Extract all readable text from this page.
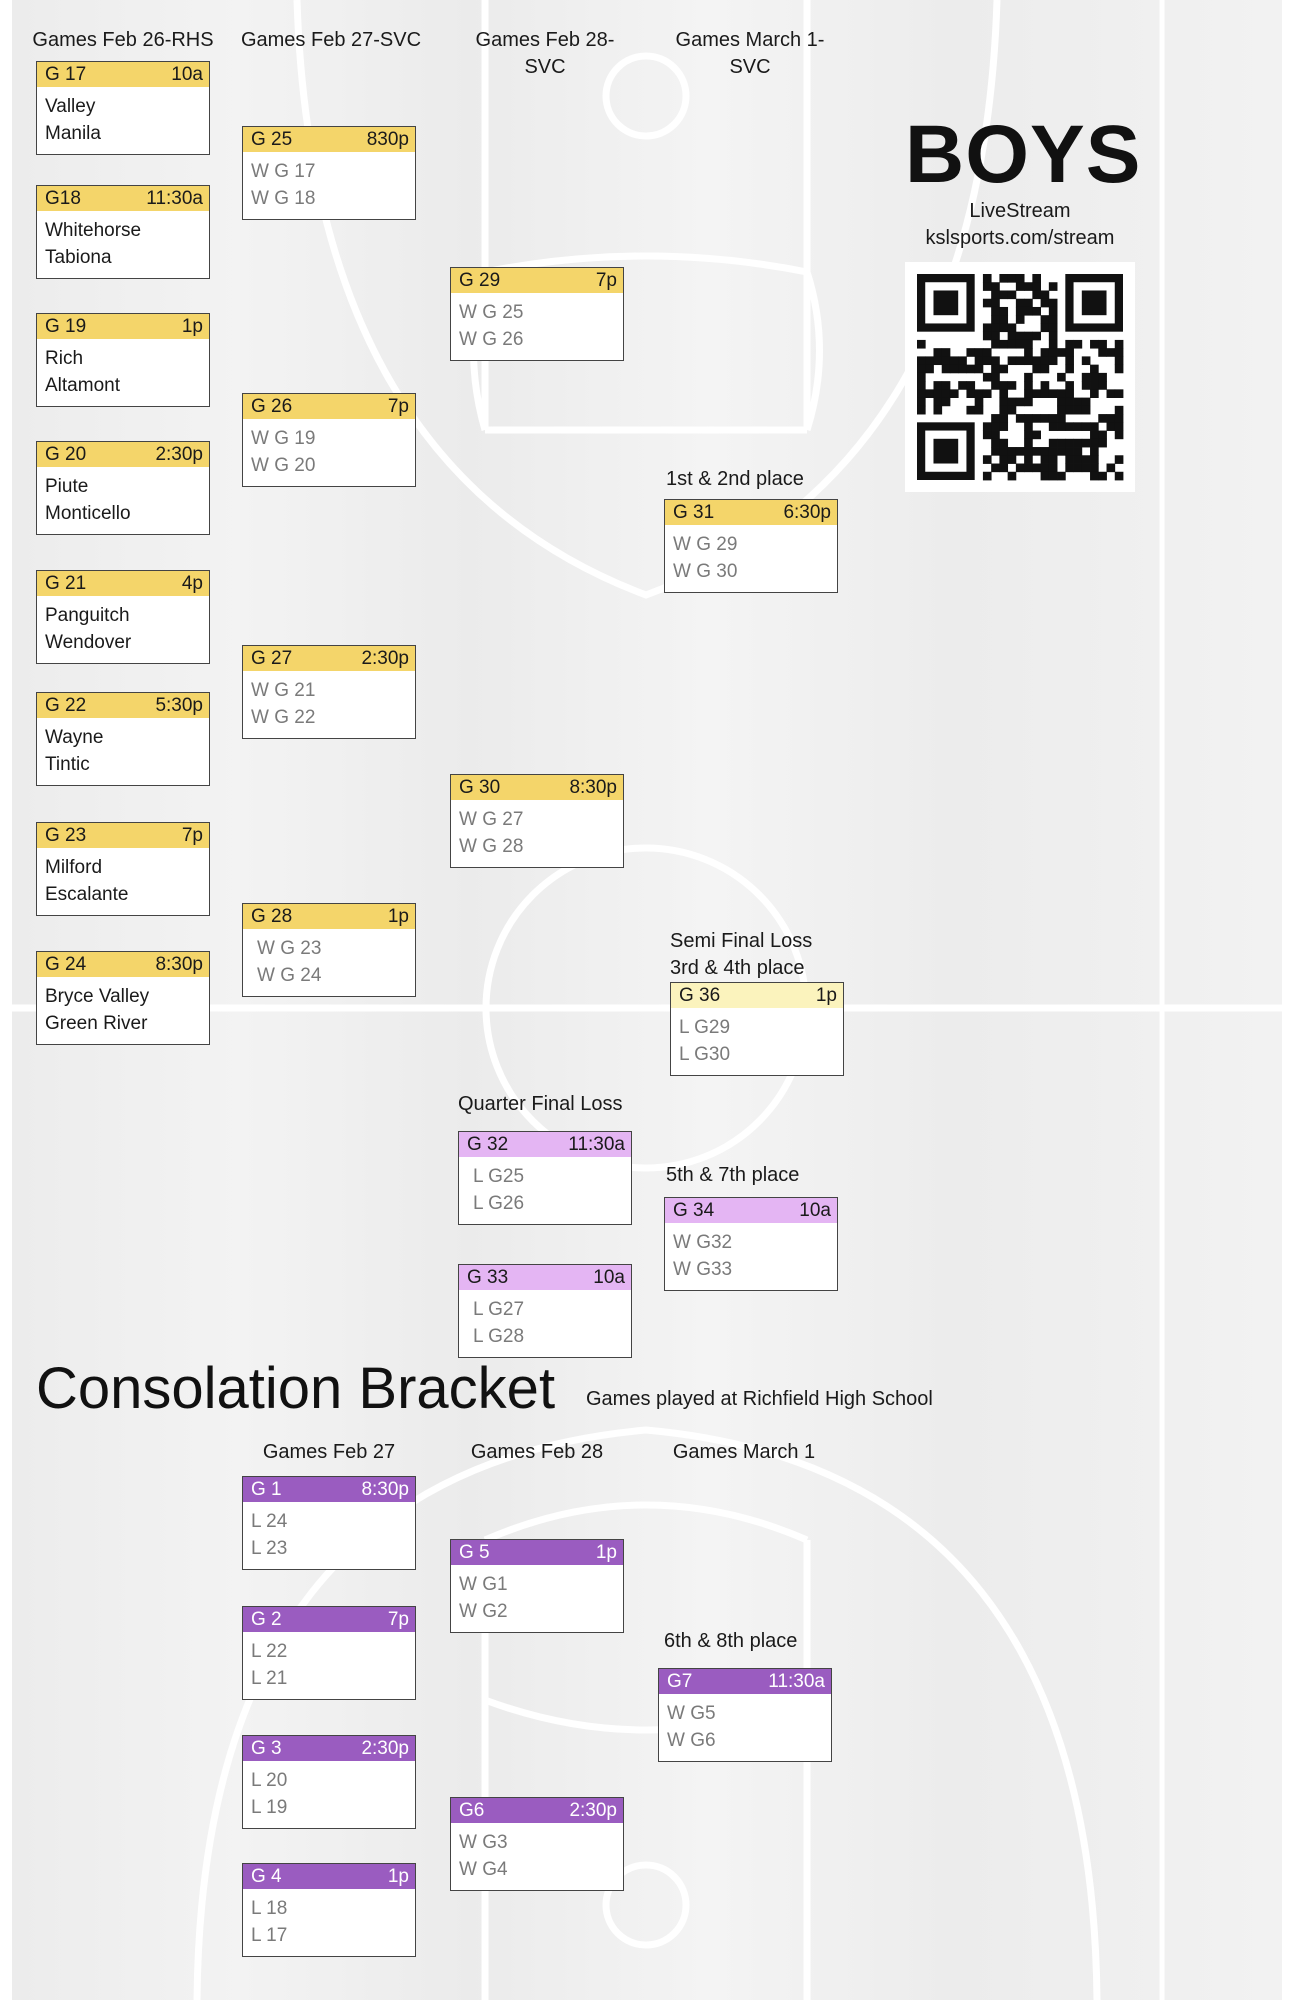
Games Feb 26-RHS Games Feb 27-SVC	Games Feb 28-SVC
Games March 1-SVC
BOYS
LiveStream
kslsports.com/stream
G 17	10a
Valley
Manila
G18	11:30a
Whitehorse
Tabiona
G 19	1p
Rich
Altamont
G 20	2:30p
Piute
Monticello
G 21	4p
Panguitch
Wendover
G 22	5:30p
Wayne
Tintic
G 23	7p
Milford
Escalante
G 24	8:30p
Bryce Valley
Green River
G 25	830p
W G 17
W G 18
G 26	7p
W G 19
W G 20
G 27	2:30p
W G 21
W G 22
G 28	1p
W G 23
W G 24
G 29	7p
W G 25
W G 26
G 30	8:30p
W G 27
W G 28
1st & 2nd place
G 31	6:30p
W G 29
W G 30
Semi Final Loss
3rd & 4th place
G 36	1p
L G29
L G30
Quarter Final Loss
G 32	11:30a
L G25
L G26
G 33	10a
L G27
L G28
5th & 7th place
G 34	10a
W G32
W G33
Consolation Bracket Games played at Richfield High School
Games Feb 27	Games Feb 28	Games March 1
G 1	8:30p
L 24
L 23
G 2	7p
L 22
L 21
G 3	2:30p
L 20
L 19
G 4	1p
L 18
L 17
G 5	1p
W G1
W G2
G6	2:30p
W G3
W G4
6th & 8th place
G7	11:30a
W G5
W G6
